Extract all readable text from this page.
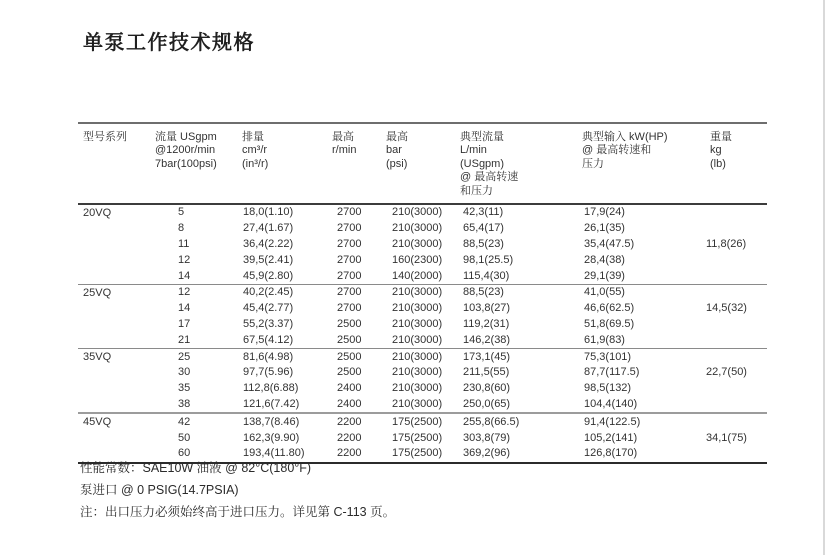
单泵工作技术规格
型号系列	流量 USgpm
@1200r/min
7bar(100psi)

排量
cm³/r
(in³/r)

最高
r/min

最高
bar
(psi)

典型流量
L/min
(USgpm)
@ 最高转速
和压力

典型输入 kW(HP)
@ 最高转速和
压力

重量
kg
(lb)

20VQ	5	18,0(1.10)	2700	210(3000)	42,3(11)	17,9(24)	11,8(26)
	8	27,4(1.67)	2700	210(3000)	65,4(17)	26,1(35)	
	11	36,4(2.22)	2700	210(3000)	88,5(23)	35,4(47.5)	
	12	39,5(2.41)	2700	160(2300)	98,1(25.5)	28,4(38)	
	14	45,9(2.80)	2700	140(2000)	115,4(30)	29,1(39)	
25VQ	12	40,2(2.45)	2700	210(3000)	88,5(23)	41,0(55)	14,5(32)
	14	45,4(2.77)	2700	210(3000)	103,8(27)	46,6(62.5)	
	17	55,2(3.37)	2500	210(3000)	119,2(31)	51,8(69.5)	
	21	67,5(4.12)	2500	210(3000)	146,2(38)	61,9(83)	
35VQ	25	81,6(4.98)	2500	210(3000)	173,1(45)	75,3(101)	22,7(50)
	30	97,7(5.96)	2500	210(3000)	211,5(55)	87,7(117.5)	
	35	112,8(6.88)	2400	210(3000)	230,8(60)	98,5(132)	
	38	121,6(7.42)	2400	210(3000)	250,0(65)	104,4(140)	
45VQ	42	138,7(8.46)	2200	175(2500)	255,8(66.5)	91,4(122.5)	34,1(75)
	50	162,3(9.90)	2200	175(2500)	303,8(79)	105,2(141)	
	60	193,4(11.80)	2200	175(2500)	369,2(96)	126,8(170)	
性能常数：SAE10W 油液 @ 82°C(180°F)
泵进口 @ 0 PSIG(14.7PSIA)
注：出口压力必须始终高于进口压力。详见第 C-113 页。
